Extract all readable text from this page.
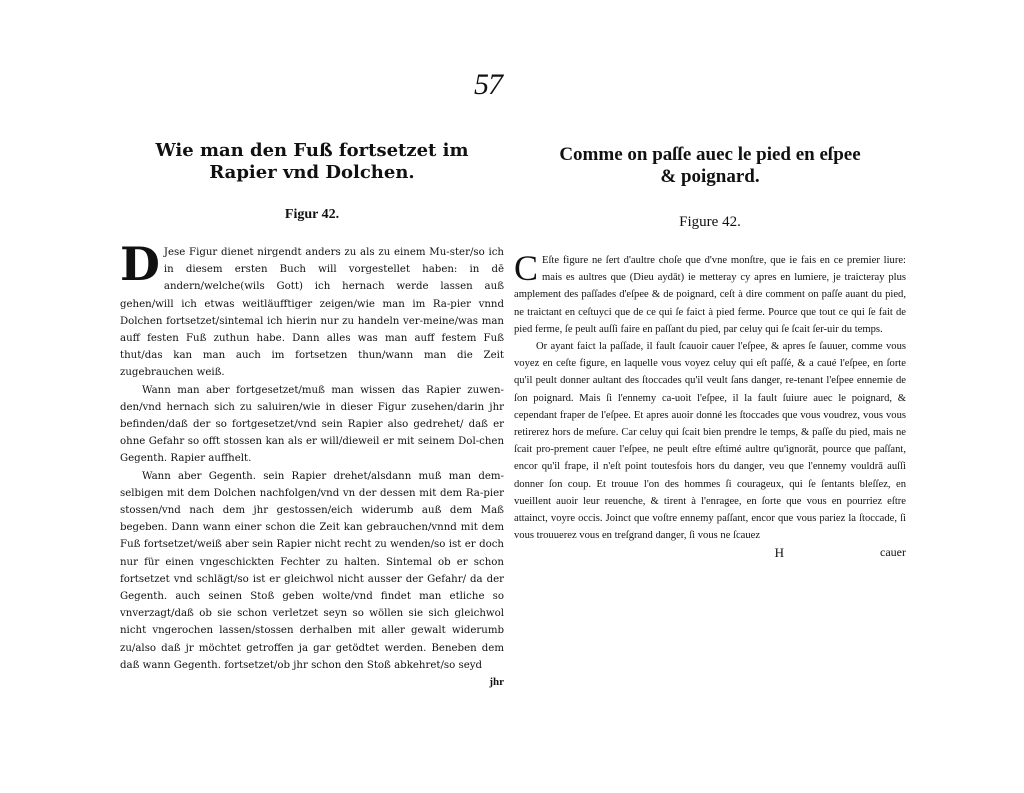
57
Wie man den Fuß fortsetzet im Rapier vnd Dolchen.
Figur 42.

D Jese Figur dienet nirgendt anders zu als zu einem Mu-ster/so ich in diesem ersten Buch will vorgestellet haben: in dē andern/welche(wils Gott) ich hernach werde lassen auß gehen/will ich etwas weitläufftiger zeigen/wie man im Ra-pier vnnd Dolchen fortsetzet/sintemal ich hierin nur zu handeln ver-meine/was man auff festen Fuß zuthun habe. Dann alles was man auff festem Fuß thut/das kan man auch im fortsetzen thun/wann man die Zeit zugebrauchen weiß.

Wann man aber fortgesetzet/muß man wissen das Rapier zuwen-den/vnd hernach sich zu saluiren/wie in dieser Figur zusehen/darin jhr befinden/daß der so fortgesetzet/vnd sein Rapier also gedrehet/ daß er ohne Gefahr so offt stossen kan als er will/dieweil er mit seinem Dol-chen Gegenth. Rapier auffhelt.

Wann aber Gegenth. sein Rapier drehet/alsdann muß man dem-selbigen mit dem Dolchen nachfolgen/vnd vn der dessen mit dem Ra-pier stossen/vnd nach dem jhr gestossen/eich widerumb auß dem Maß begeben. Dann wann einer schon die Zeit kan gebrauchen/vnnd mit dem Fuß fortsetzet/weiß aber sein Rapier nicht recht zu wenden/so ist er doch nur für einen vngeschickten Fechter zu halten. Sintemal ob er schon fortsetzet vnd schlägt/so ist er gleichwol nicht ausser der Gefahr/ da der Gegenth. auch seinen Stoß geben wolte/vnd findet man etliche so vnverzagt/daß ob sie schon verletzet seyn so wöllen sie sich gleichwol nicht vngerochen lassen/stossen derhalben mit aller gewalt widerumb zu/also daß jr möchtet getroffen ja gar getödtet werden. Beneben dem daß wann Gegenth. fortsetzet/ob jhr schon den Stoß abkehret/so seyd

jhr
Comme on paſſe auec le pied en eſpee
& poignard.
Figure 42.

C Eſte figure ne ſert d'aultre choſe que d'vne monſtre, que ie fais en ce premier liure: mais es aultres que (Dieu aydāt) ie metteray cy apres en lumiere, je traicteray plus amplement des paſſades d'eſpee & de poignard, ceſt à dire comment on paſſe auant du pied, ne traictant en ceſtuyci que de ce qui ſe faict à pied ferme. Pource que tout ce qui ſe fait de pied ferme, ſe peult auſſi faire en paſſant du pied, par celuy qui ſe ſcait ſer-uir du temps.

Or ayant faict la paſſade, il fault ſcauoir cauer l'eſpee, & apres ſe ſauuer, comme vous voyez en ceſte figure, en laquelle vous voyez celuy qui eſt paſſé, & a caué l'eſpee, en ſorte qu'il peult donner aultant des ſtoccades qu'il veult ſans danger, re-tenant l'eſpee ennemie de ſon poignard. Mais ſi l'ennemy ca-uoit l'eſpee, il la fault ſuiure auec le poignard, & cependant fraper de l'eſpee. Et apres auoir donné les ſtoccades que vous voudrez, vous vous retirerez hors de meſure. Car celuy qui ſcait bien prendre le temps, & paſſe du pied, mais ne ſcait pro-prement cauer l'eſpee, ne peult eſtre eſtimé aultre qu'ignorāt, pource que paſſant, encor qu'il frape, il n'eſt point toutesfois hors du danger, veu que l'ennemy vouldrā auſſi donner ſon coup. Et trouue l'on des hommes ſi courageux, qui ſe ſentants bleſſez, en vueillent auoir leur reuenche, & tirent à l'enragee, en ſorte que vous en pourriez eſtre attainct, voyre occis. Joinct que voſtre ennemy paſſant, encor que vous pariez la ſtoccade, ſi vous trouuerez vous en treſgrand danger, ſi vous ne ſcauez

H	cauer
